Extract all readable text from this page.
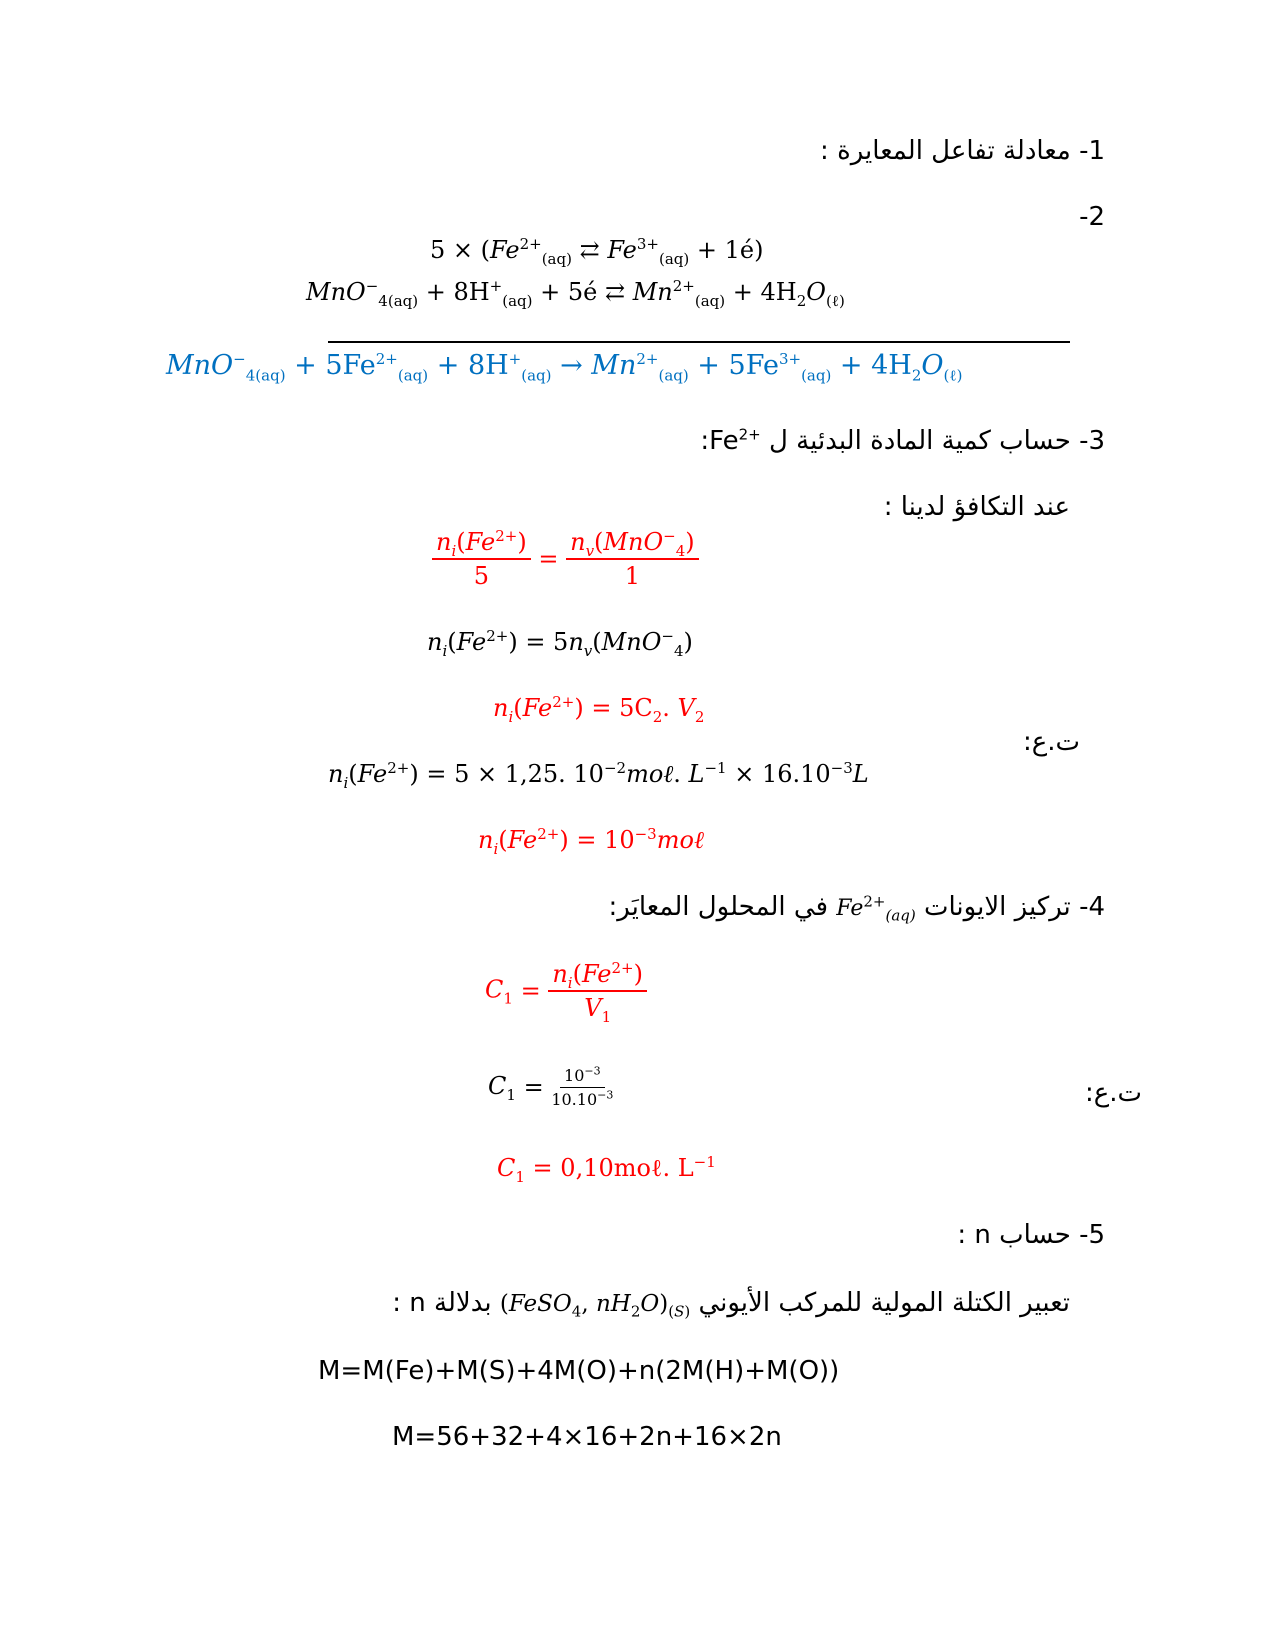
1- معادلة تفاعل المعايرة :
2-
$5 \times (Fe^{2+}_{(aq)}$ ⇄ $Fe^{3+}_{(aq)}$ + 1é)
$MnO^-_{4(aq)} + 8H^+_{(aq)}$ + 5é ⇄ $Mn^{2+}_{(aq)} + 4H_2O_{(\ell)}$
$MnO^-_{4(aq)} + 5Fe^{2+}_{(aq)} + 8H^+_{(aq)} \to Mn^{2+}_{(aq)} + 5Fe^{3+}_{(aq)} + 4H_2O_{(\ell)}$
3- حساب كمية المادة البدئية ل $Fe^{2+}$:
عند التكافؤ لدينا :
$\frac{n_i(Fe^{2+})}{5} = \frac{n_v(MnO^-_4)}{1}$
$n_i(Fe^{2+}) = 5n_v(MnO^-_4)$
$n_i(Fe^{2+}) = 5C_2$. $V_2$
ت.ع:
$n_i(Fe^{2+}) = 5 \times 1,25$. $10^{-2}mo\ell$. $L^{-1} \times 16.10^{-3}L$
$n_i(Fe^{2+})$ = $10^{-3}mo\ell$
4- تركيز الايونات $Fe^{2+}_{(aq)}$ في المحلول المعايَر:
$C_1 = \frac{n_i(Fe^{2+})}{V_1}$
$C_1 = \frac{10^{-3}}{10.10^{-3}}$	ت.ع:
$C_1$ = 0,10moℓ. $L^{-1}$
5- حساب n :
تعبير الكتلة المولية للمركب الأيوني (FeSO$_4$, $nH_2O)_{(S)}$ بدلالة n :
M=M(Fe)+M(S)+4M(O)+n(2M(H)+M(O))
M=56+32+4×16+2n+16×2n
